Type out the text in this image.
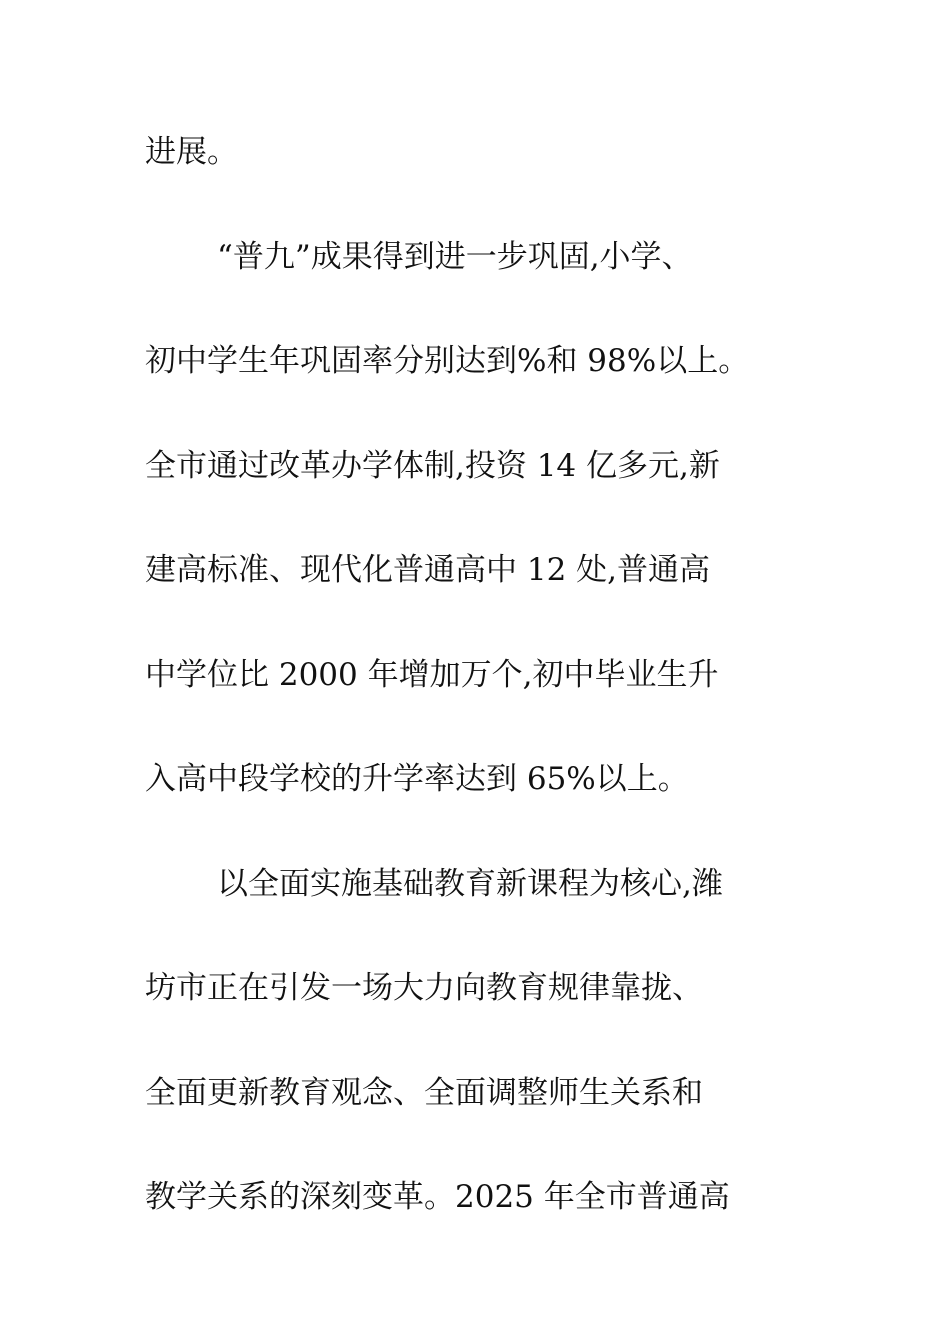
进展。
“普九”成果得到进一步巩固,小学、
初中学生年巩固率分别达到%和 98%以上。
全市通过改革办学体制,投资 14 亿多元,新
建高标准、现代化普通高中 12 处,普通高
中学位比 2000 年增加万个,初中毕业生升
入高中段学校的升学率达到 65%以上。
以全面实施基础教育新课程为核心,潍
坊市正在引发一场大力向教育规律靠拢、
全面更新教育观念、全面调整师生关系和
教学关系的深刻变革。2025 年全市普通高
